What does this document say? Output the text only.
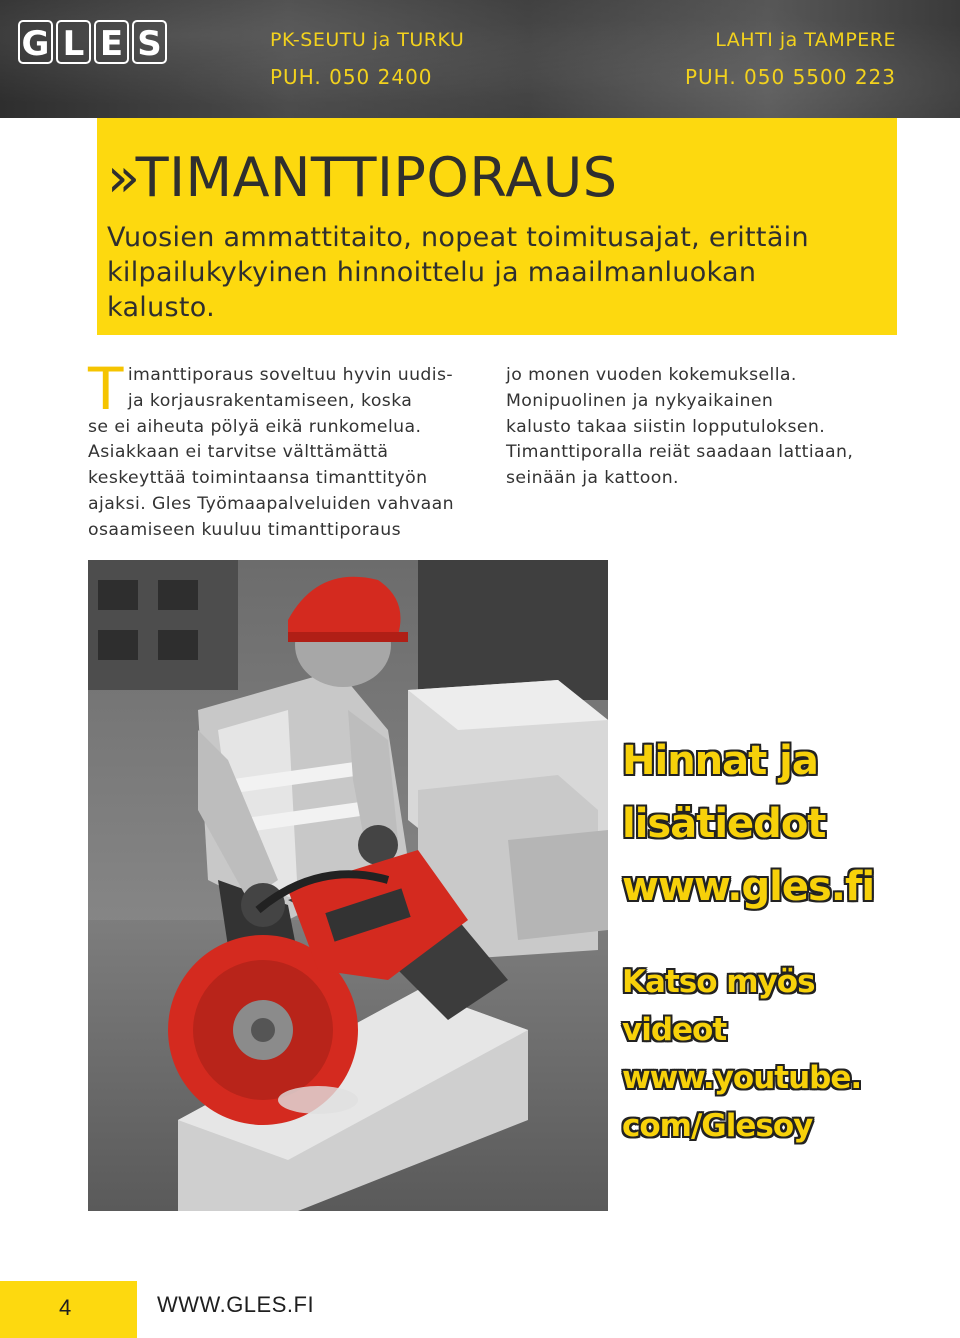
G L E S	PK-SEUTU ja TURKU
PUH. 050 2400
LAHTI ja TAMPERE
PUH. 050 5500 223
»TIMANTTIPORAUS

Vuosien ammattitaito, nopeat toimitusajat, erittäin
kilpailukykyinen hinnoittelu ja maailmanluokan
kalusto.

T imanttiporaus soveltuu hyvin uudis-
ja korjausrakentamiseen, koska
se ei aiheuta pölyä eikä runkomelua.
Asiakkaan ei tarvitse välttämättä
keskeyttää toimintaansa timanttityön
ajaksi. Gles Työmaapalveluiden vahvaan
osaamiseen kuuluu timanttiporaus
jo monen vuoden kokemuksella.
Monipuolinen ja nykyaikainen
kalusto takaa siistin lopputuloksen.
Timanttiporalla reiät saadaan lattiaan,
seinään ja kattoon.
Hinnat ja
lisätiedot
www.gles.fi
Katso myös
videot
www.youtube.
com/Glesoy
4	WWW.GLES.FI
